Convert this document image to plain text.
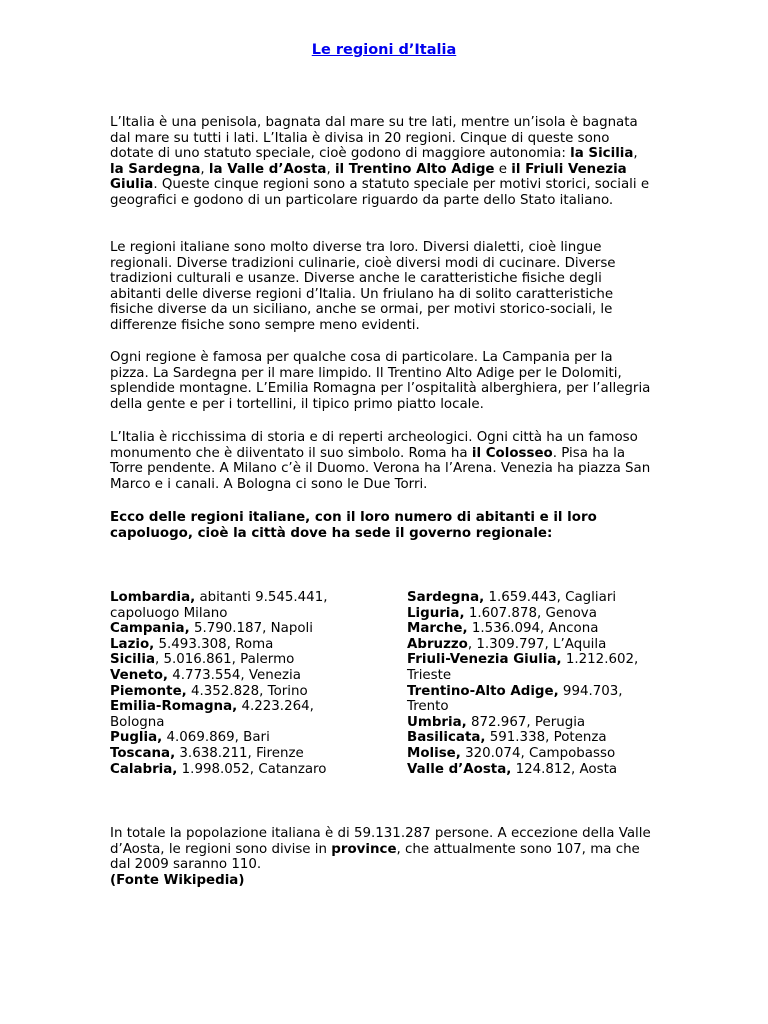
Le regioni d’Italia

L’Italia è una penisola, bagnata dal mare su tre lati, mentre un’isola è bagnata dal mare su tutti i lati. L’Italia è divisa in 20 regioni. Cinque di queste sono dotate di uno statuto speciale, cioè godono di maggiore autonomia: la Sicilia, la Sardegna, la Valle d’Aosta, il Trentino Alto Adige e il Friuli Venezia Giulia. Queste cinque regioni sono a statuto speciale per motivi storici, sociali e geografici e godono di un particolare riguardo da parte dello Stato italiano.

Le regioni italiane sono molto diverse tra loro. Diversi dialetti, cioè lingue regionali. Diverse tradizioni culinarie, cioè diversi modi di cucinare. Diverse tradizioni culturali e usanze. Diverse anche le caratteristiche fisiche degli abitanti delle diverse regioni d’Italia. Un friulano ha di solito caratteristiche fisiche diverse da un siciliano, anche se ormai, per motivi storico-sociali, le differenze fisiche sono sempre meno evidenti.

Ogni regione è famosa per qualche cosa di particolare. La Campania per la pizza. La Sardegna per il mare limpido. Il Trentino Alto Adige per le Dolomiti, splendide montagne. L’Emilia Romagna per l’ospitalità alberghiera, per l’allegria della gente e per i tortellini, il tipico primo piatto locale.

L’Italia è ricchissima di storia e di reperti archeologici. Ogni città ha un famoso monumento che è diiventato il suo simbolo. Roma ha il Colosseo. Pisa ha la Torre pendente. A Milano c’è il Duomo. Verona ha l’Arena. Venezia ha piazza San Marco e i canali. A Bologna ci sono le Due Torri.

Ecco delle regioni italiane, con il loro numero di abitanti e il loro capoluogo, cioè la città dove ha sede il governo regionale:

Lombardia, abitanti 9.545.441, capoluogo Milano
Campania, 5.790.187, Napoli
Lazio, 5.493.308, Roma
Sicilia, 5.016.861, Palermo
Veneto, 4.773.554, Venezia
Piemonte, 4.352.828, Torino
Emilia-Romagna, 4.223.264, Bologna
Puglia, 4.069.869, Bari
Toscana, 3.638.211, Firenze
Calabria, 1.998.052, Catanzaro
Sardegna, 1.659.443, Cagliari
Liguria, 1.607.878, Genova
Marche, 1.536.094, Ancona
Abruzzo, 1.309.797, L’Aquila
Friuli-Venezia Giulia, 1.212.602, Trieste
Trentino-Alto Adige, 994.703, Trento
Umbria, 872.967, Perugia
Basilicata, 591.338, Potenza
Molise, 320.074, Campobasso
Valle d’Aosta, 124.812, Aosta

In totale la popolazione italiana è di 59.131.287 persone. A eccezione della Valle d’Aosta, le regioni sono divise in province, che attualmente sono 107, ma che dal 2009 saranno 110.

(Fonte Wikipedia)
